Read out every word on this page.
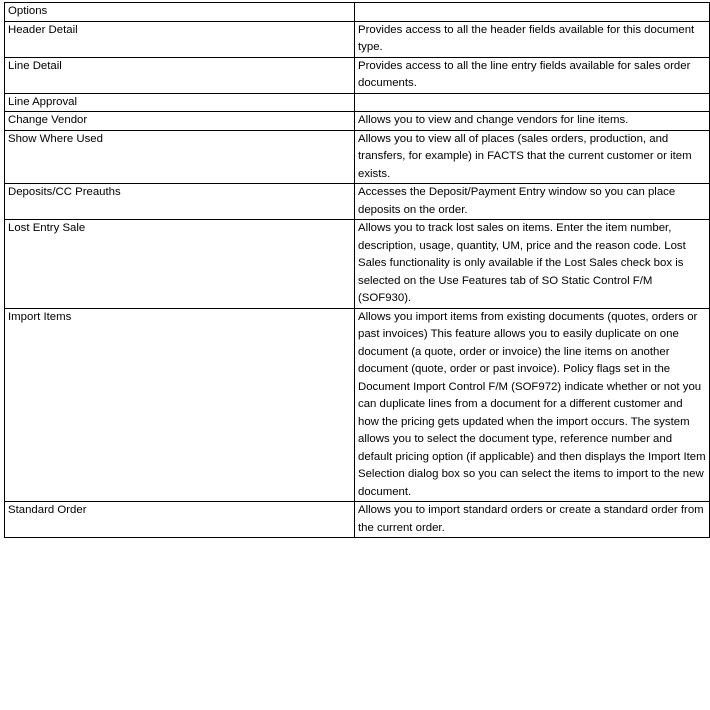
Options	
Header Detail	Provides access to all the header fields available for this document type.
Line Detail	Provides access to all the line entry fields available for sales order documents.
Line Approval	
Change Vendor	Allows you to view and change vendors for line items.
Show Where Used	Allows you to view all of places (sales orders, production, and transfers, for example) in FACTS that the current customer or item exists.
Deposits/CC Preauths	Accesses the Deposit/Payment Entry window so you can place deposits on the order.
Lost Entry Sale	Allows you to track lost sales on items. Enter the item number, description, usage, quantity, UM, price and the reason code. Lost Sales functionality is only available if the Lost Sales check box is selected on the Use Features tab of SO Static Control F/M (SOF930).
Import Items	Allows you import items from existing documents (quotes, orders or past invoices) This feature allows you to easily duplicate on one document (a quote, order or invoice) the line items on another document (quote, order or past invoice). Policy flags set in the Document Import Control F/M (SOF972) indicate whether or not you can duplicate lines from a document for a different customer and how the pricing gets updated when the import occurs. The system allows you to select the document type, reference number and default pricing option (if applicable) and then displays the Import Item Selection dialog box so you can select the items to import to the new document.
Standard Order	Allows you to import standard orders or create a standard order from the current order.
